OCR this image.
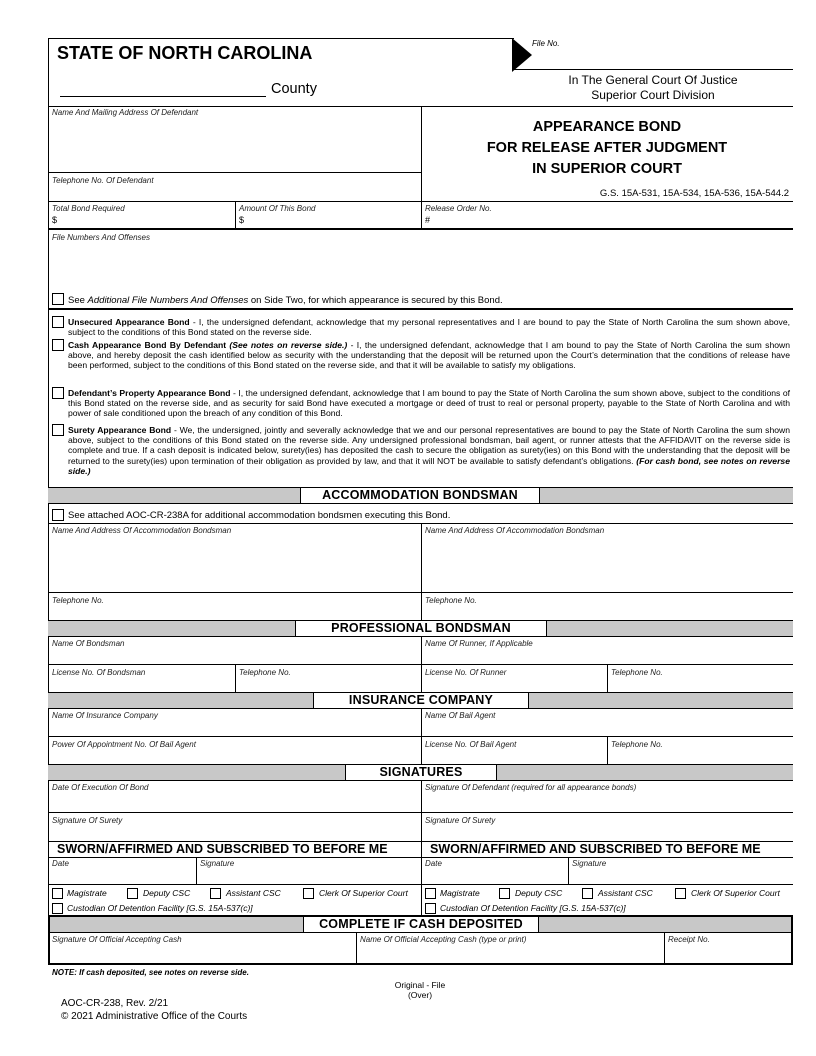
STATE OF NORTH CAROLINA
County
File No.
In The General Court Of Justice
Superior Court Division
Name And Mailing Address Of Defendant
APPEARANCE BOND
FOR RELEASE AFTER JUDGMENT
IN SUPERIOR COURT
G.S. 15A-531, 15A-534, 15A-536, 15A-544.2
Telephone No. Of Defendant
Total Bond Required
$
Amount Of This Bond
$
Release Order No.
#
File Numbers And Offenses
See Additional File Numbers And Offenses on Side Two, for which appearance is secured by this Bond.
Unsecured Appearance Bond - I, the undersigned defendant, acknowledge that my personal representatives and I are bound to pay the State of North Carolina the sum shown above, subject to the conditions of this Bond stated on the reverse side.
Cash Appearance Bond By Defendant (See notes on reverse side.) - I, the undersigned defendant, acknowledge that I am bound to pay the State of North Carolina the sum shown above, and hereby deposit the cash identified below as security with the understanding that the deposit will be returned upon the Court’s determination that the conditions of release have been performed, subject to the conditions of this Bond stated on the reverse side, and that it will be available to satisfy my obligations.
Defendant’s Property Appearance Bond - I, the undersigned defendant, acknowledge that I am bound to pay the State of North Carolina the sum shown above, subject to the conditions of this Bond stated on the reverse side, and as security for said Bond have executed a mortgage or deed of trust to real or personal property, payable to the State of North Carolina and with power of sale conditioned upon the breach of any condition of this Bond.
Surety Appearance Bond - We, the undersigned, jointly and severally acknowledge that we and our personal representatives are bound to pay the State of North Carolina the sum shown above, subject to the conditions of this Bond stated on the reverse side. Any undersigned professional bondsman, bail agent, or runner attests that the AFFIDAVIT on the reverse side is complete and true. If a cash deposit is indicated below, surety(ies) has deposited the cash to secure the obligation as surety(ies) on this Bond with the understanding that the deposit will be returned to the surety(ies) upon termination of their obligation as provided by law, and that it will NOT be available to satisfy defendant’s obligations. (For cash bond, see notes on reverse side.)
ACCOMMODATION BONDSMAN
See attached AOC-CR-238A for additional accommodation bondsmen executing this Bond.
Name And Address Of Accommodation Bondsman	Name And Address Of Accommodation Bondsman
Telephone No.	Telephone No.
PROFESSIONAL BONDSMAN
Name Of Bondsman	Name Of Runner, If Applicable
License No. Of Bondsman	Telephone No.	License No. Of Runner	Telephone No.
INSURANCE COMPANY
Name Of Insurance Company	Name Of Bail Agent
Power Of Appointment No. Of Bail Agent	License No. Of Bail Agent	Telephone No.
SIGNATURES
Date Of Execution Of Bond	Signature Of Defendant (required for all appearance bonds)
Signature Of Surety	Signature Of Surety
SWORN/AFFIRMED AND SUBSCRIBED TO BEFORE ME	SWORN/AFFIRMED AND SUBSCRIBED TO BEFORE ME
Date	Signature	Date	Signature
Magistrate	Deputy CSC	Assistant CSC	Clerk Of Superior Court
Custodian Of Detention Facility [G.S. 15A-537(c)]
Magistrate	Deputy CSC	Assistant CSC	Clerk Of Superior Court
Custodian Of Detention Facility [G.S. 15A-537(c)]
COMPLETE IF CASH DEPOSITED
Signature Of Official Accepting Cash	Name Of Official Accepting Cash (type or print)	Receipt No.
NOTE: If cash deposited, see notes on reverse side.
Original - File
(Over)
AOC-CR-238, Rev. 2/21
© 2021 Administrative Office of the Courts
